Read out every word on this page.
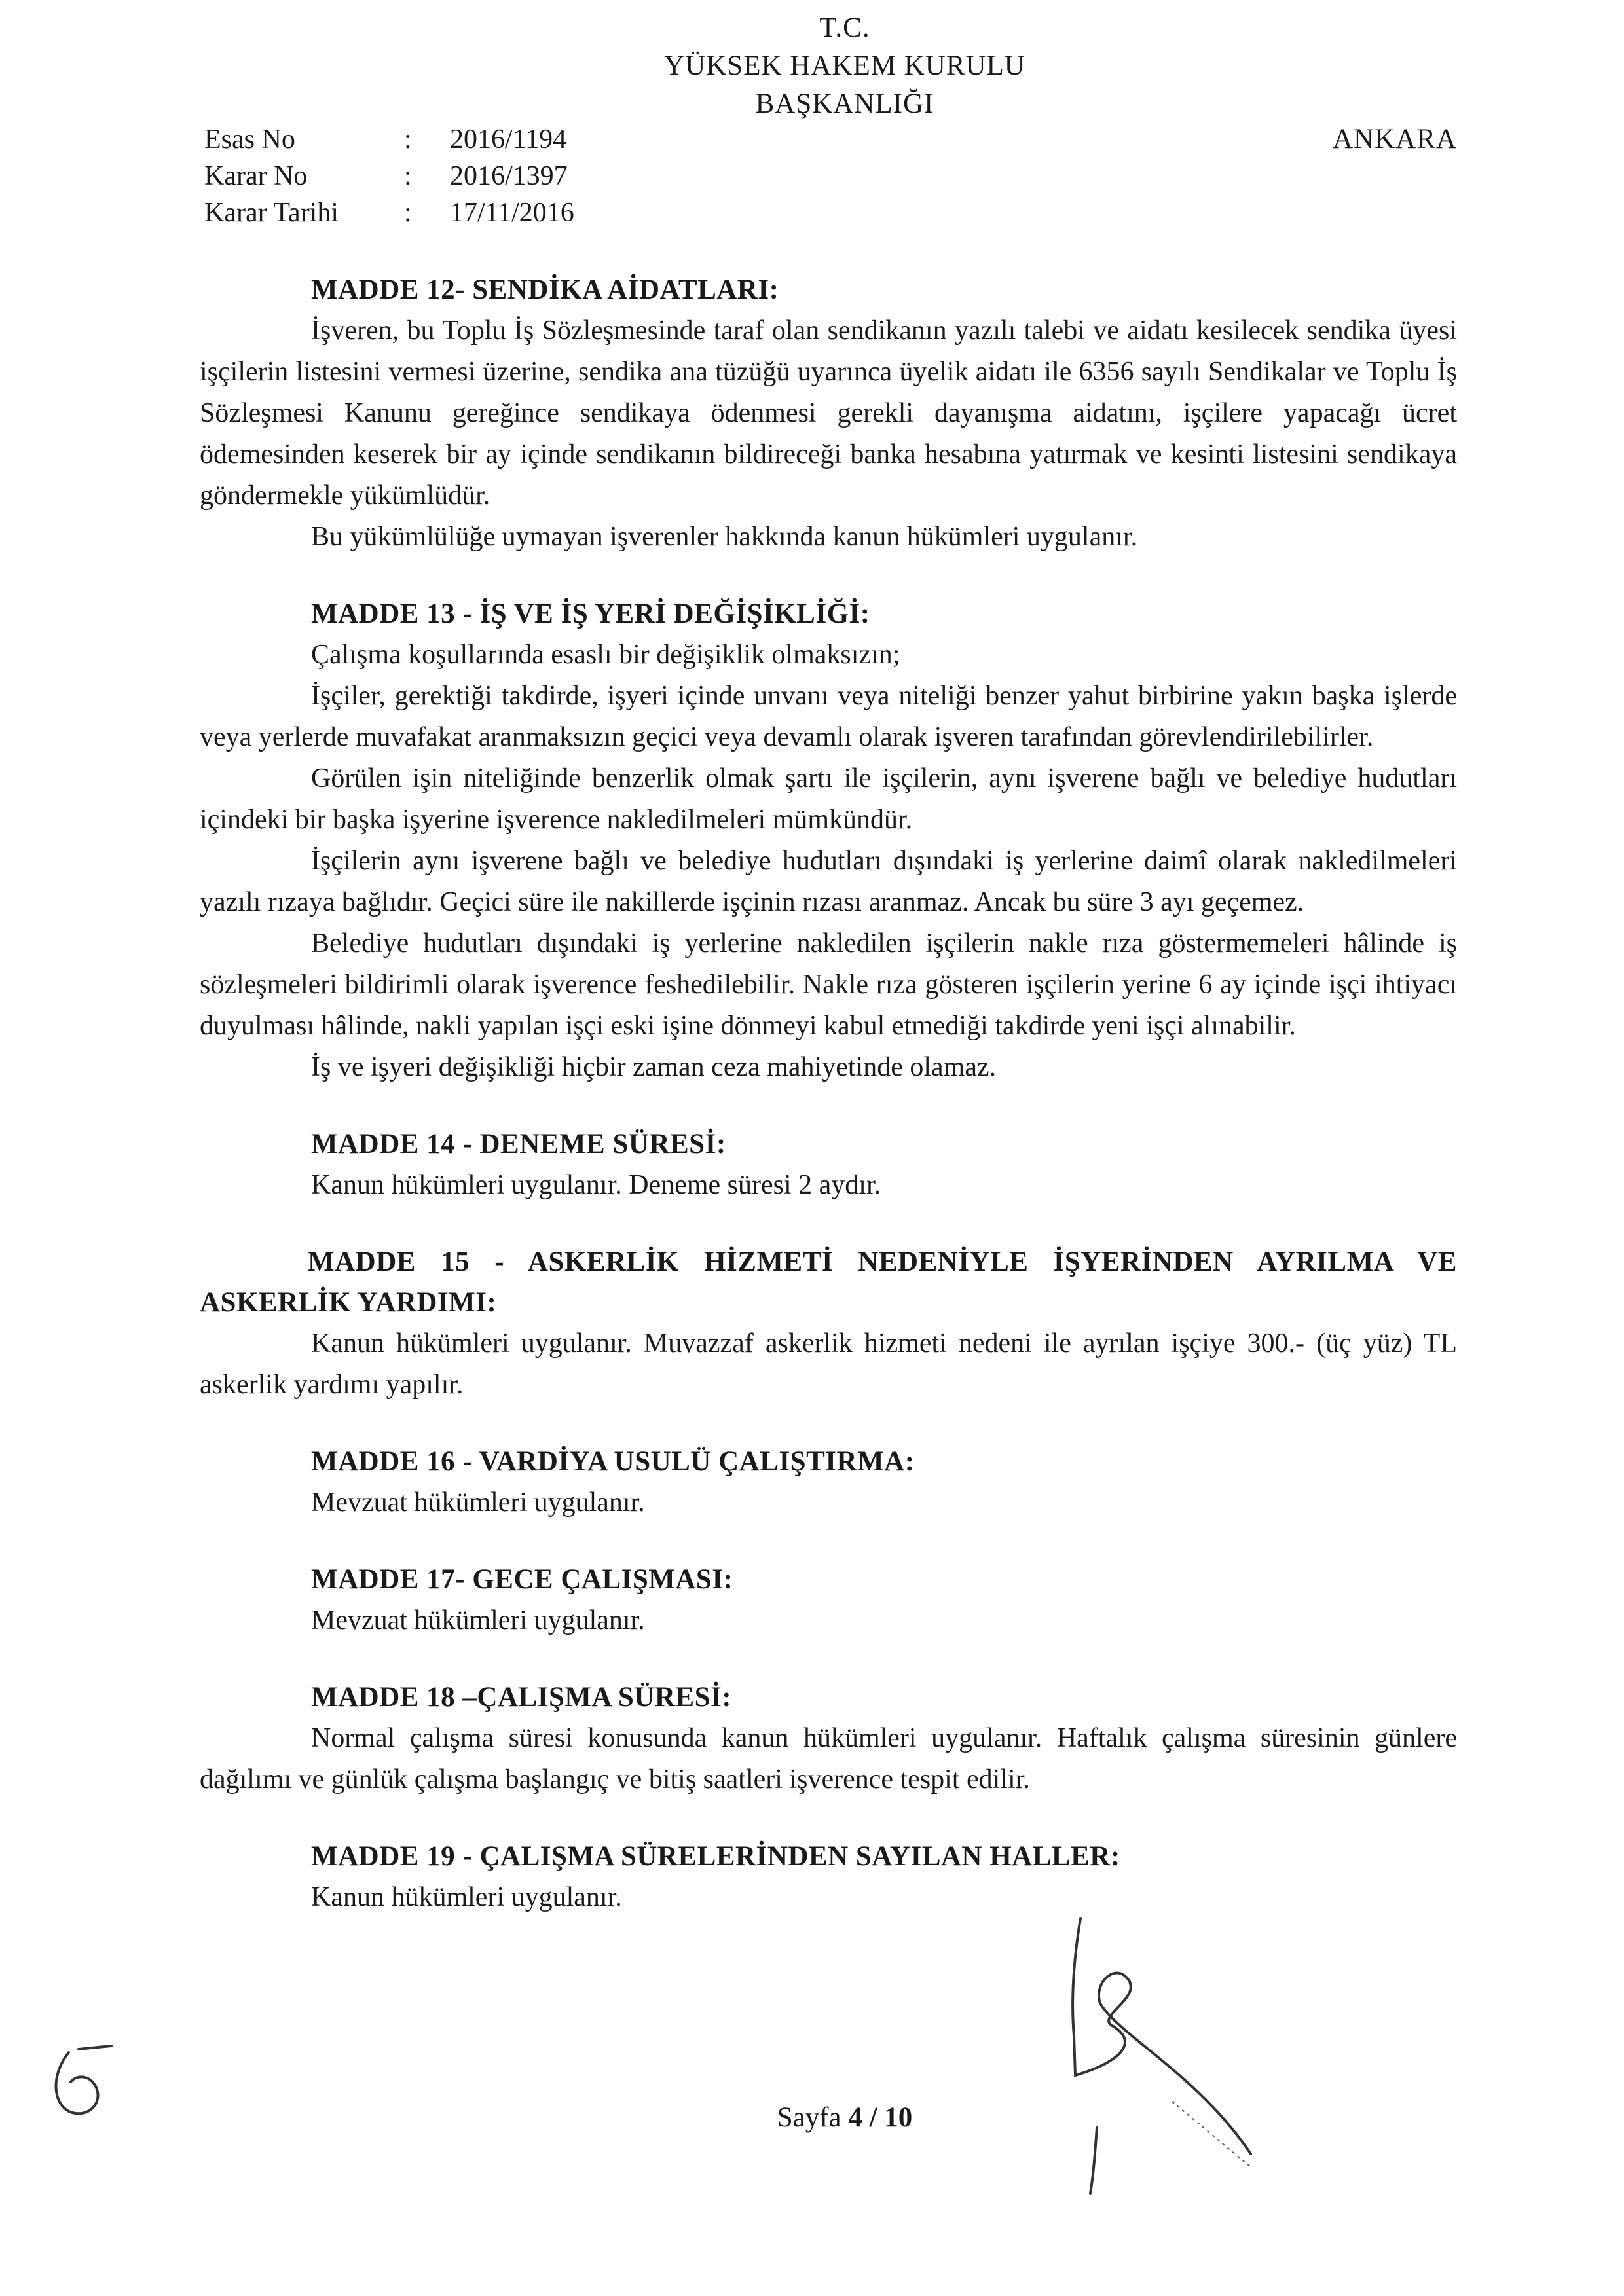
T.C.
YÜKSEK HAKEM KURULU
BAŞKANLIĞI
Esas No	: 2016/1194
Karar No	: 2016/1397
Karar Tarihi : 17/11/2016
ANKARA
MADDE 12- SENDİKA AİDATLARI:

İşveren, bu Toplu İş Sözleşmesinde taraf olan sendikanın yazılı talebi ve aidatı kesilecek sendika üyesi işçilerin listesini vermesi üzerine, sendika ana tüzüğü uyarınca üyelik aidatı ile 6356 sayılı Sendikalar ve Toplu İş Sözleşmesi Kanunu gereğince sendikaya ödenmesi gerekli dayanışma aidatını, işçilere yapacağı ücret ödemesinden keserek bir ay içinde sendikanın bildireceği banka hesabına yatırmak ve kesinti listesini sendikaya göndermekle yükümlüdür.

Bu yükümlülüğe uymayan işverenler hakkında kanun hükümleri uygulanır.

MADDE 13 - İŞ VE İŞ YERİ DEĞİŞİKLİĞİ:

Çalışma koşullarında esaslı bir değişiklik olmaksızın;

İşçiler, gerektiği takdirde, işyeri içinde unvanı veya niteliği benzer yahut birbirine yakın başka işlerde veya yerlerde muvafakat aranmaksızın geçici veya devamlı olarak işveren tarafından görevlendirilebilirler.

Görülen işin niteliğinde benzerlik olmak şartı ile işçilerin, aynı işverene bağlı ve belediye hudutları içindeki bir başka işyerine işverence nakledilmeleri mümkündür.

İşçilerin aynı işverene bağlı ve belediye hudutları dışındaki iş yerlerine daimî olarak nakledilmeleri yazılı rızaya bağlıdır. Geçici süre ile nakillerde işçinin rızası aranmaz. Ancak bu süre 3 ayı geçemez.

Belediye hudutları dışındaki iş yerlerine nakledilen işçilerin nakle rıza göstermemeleri hâlinde iş sözleşmeleri bildirimli olarak işverence feshedilebilir. Nakle rıza gösteren işçilerin yerine 6 ay içinde işçi ihtiyacı duyulması hâlinde, nakli yapılan işçi eski işine dönmeyi kabul etmediği takdirde yeni işçi alınabilir.

İş ve işyeri değişikliği hiçbir zaman ceza mahiyetinde olamaz.

MADDE 14 - DENEME SÜRESİ:

Kanun hükümleri uygulanır. Deneme süresi 2 aydır.

MADDE 15 - ASKERLİK HİZMETİ NEDENİYLE İŞYERİNDEN AYRILMA VE ASKERLİK YARDIMI:

Kanun hükümleri uygulanır. Muvazzaf askerlik hizmeti nedeni ile ayrılan işçiye 300.- (üç yüz) TL askerlik yardımı yapılır.

MADDE 16 - VARDİYA USULÜ ÇALIŞTIRMA:

Mevzuat hükümleri uygulanır.

MADDE 17- GECE ÇALIŞMASI:

Mevzuat hükümleri uygulanır.

MADDE 18 –ÇALIŞMA SÜRESİ:

Normal çalışma süresi konusunda kanun hükümleri uygulanır. Haftalık çalışma süresinin günlere dağılımı ve günlük çalışma başlangıç ve bitiş saatleri işverence tespit edilir.

MADDE 19 - ÇALIŞMA SÜRELERİNDEN SAYILAN HALLER:

Kanun hükümleri uygulanır.

Sayfa 4 / 10
